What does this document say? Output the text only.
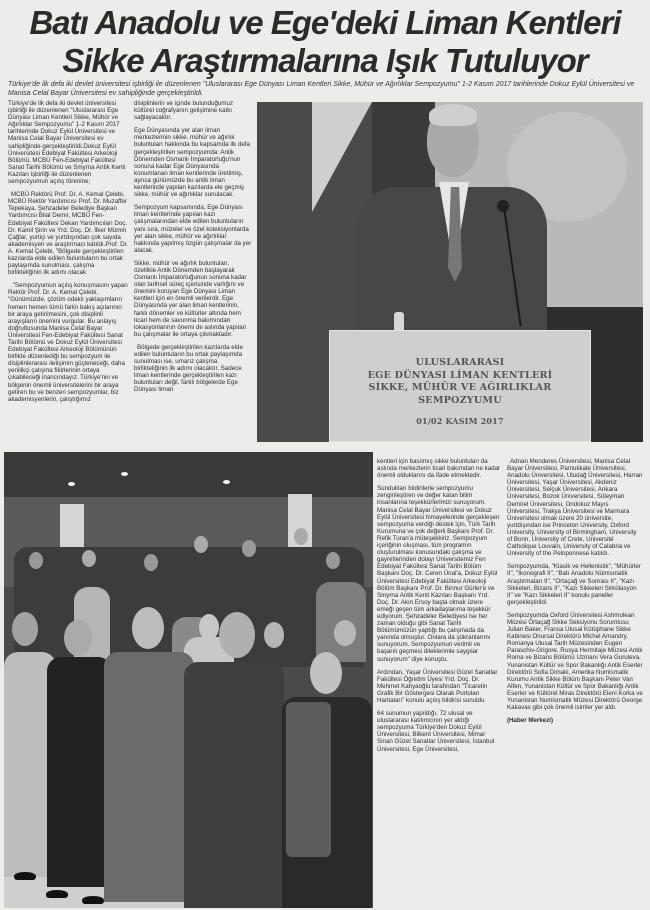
Batı Anadolu ve Ege'deki Liman Kentleri
Sikke Araştırmalarına Işık Tutuluyor
Türkiye'de ilk defa iki devlet üniversitesi işbirliği ile düzenlenen "Uluslararası Ege Dünyası Liman Kentleri Sikke, Mühür ve Ağırlıklar Sempozyumu" 1-2 Kasım 2017 tarihlerinde Dokuz Eylül Üniversitesi ve Manisa Celal Bayar Üniversitesi ev sahipliğinde gerçekleştirildi.

Türkiye'de ilk defa iki devlet üniversitesi işbirliği ile düzenlenen "Uluslararası Ege Dünyası Liman Kentleri Sikke, Mühür ve Ağırlıklar Sempozyumu" 1-2 Kasım 2017 tarihlerinde Dokuz Eylül Üniversitesi ve Manisa Celal Bayar Üniversitesi ev sahipliğinde gerçekleştirildi.Dokuz Eylül Üniversitesi Edebiyat Fakültesi Arkeoloji Bölümü, MCBÜ Fen-Edebiyat Fakültesi Sanat Tarihi Bölümü ve Smyrna Antik Kenti Kazıları işbirliği ile düzenlenen sempozyumun açılış törenine;

MCBÜ Rektörü Prof. Dr. A. Kemal Çelebi, MCBÜ Rektör Yardımcısı Prof. Dr. Muzaffer Tepekaya, Şehzadeler Belediye Başkan Yardımcısı Bilal Demir, MCBÜ Fen-Edebiyat Fakültesi Dekan Yardımcıları Doç. Dr. Kamil Şirin ve Yrd. Doç. Dr. İlker Mümin Çağlar, yurtiçi ve yurtdışından çok sayıda akademisyen ve araştırmacı katıldı.Prof. Dr. A. Kemal Çelebi, "Bölgede gerçekleştirilen kazılarda elde edilen buluntuların bu ortak paylaşımda sunulması, çalışma birlikteliğinin ilk adımı olacak

."Sempozyumun açılış konuşmasını yapan Rektör Prof. Dr. A. Kemal Çelebi, "Günümüzde, çözüm odaklı yaklaşımların hemen hemen tümü farklı bakış açılarının bir araya getirilmesini, çok disiplinli arayışların önemini vurgular. Bu anlayış doğrultusunda Manisa Celal Bayar Üniversitesi Fen-Edebiyat Fakültesi Sanat Tarihi Bölümü ve Dokuz Eylül Üniversitesi Edebiyat Fakültesi Arkeoloji Bölümünün birlikte düzenlediği bu sempozyum ile disiplinlerarası iletişimin güçleneceği, daha yenilikçi çalışma fikirlerinin ortaya çıkabileceği inancındayız. Türkiye'nin ve bölgenin önemli üniversitelerini bir araya getiren bu ve benzeri sempozyumlar, biz akademisyenlerin, çalıştığımız

disiplinlerin ve içinde bulunduğumuz kültürel coğrafyanın gelişimine katkı sağlayacaktır.

Ege Dünyasında yer alan liman merkezlerinin sikke, mühür ve ağırlık buluntuları hakkında bu kapsamda ilk defa gerçekleştirilen sempozyumda: Antik Dönemden Osmanlı İmparatorluğu'nun sonuna kadar Ege Dünyasında konumlanan liman kentlerinde üretilmiş, ayrıca günümüzde bu antik liman kentlerinde yapılan kazılarda ele geçmiş sikke, mühür ve ağırlıklar sunulacak.

Sempozyum kapsamında, Ege Dünyası liman kentlerinde yapılan kazı çalışmalarından elde edilen buluntuların yanı sıra, müzeler ve özel koleksiyonlarda yer alan sikke, mühür ve ağırlıklar hakkında yapılmış özgün çalışmalar da yer alacak.

Sikke, mühür ve ağırlık buluntuları, özellikle Antik Dönemden başlayarak Osmanlı İmparatorluğunun sonuna kadar olan tarihsel süreç içerisinde varlığını ve önemini koruyan Ege Dünyası Liman kentleri için en önemli verilerdir. Ege Dünyasında yer alan liman kentlerinin, farklı dönemler ve kültürler altında hem ticari hem de savunma bakımından lokasyonlarının önemi de aslında yapılan bu çalışmalar ile ortaya çıkmaktadır.

Bölgede gerçekleştirilen kazılarda elde edilen buluntuların bu ortak paylaşımda sunulması ise, umarız çalışma birlikteliğinin ilk adımı olacaktır. Sadece liman kentlerinde gerçekleştirilen kazı buluntuları değil, farklı bölgelerde Ege Dünyası liman

ULUSLARARASI
EGE DÜNYASI LİMAN KENTLERİ
SİKKE, MÜHÜR VE AĞIRLIKLAR
SEMPOZYUMU
01/02 KASIM 2017

kentleri için basılmış sikke buluntuları da aslında merkezlerin ticari bakımdan ne kadar önemli olduklarını da ifade etmektedir.

Sundukları bildirilerle sempozyumu zenginleştiren ve değer katan bilim insanlarına teşekkürlerimizi sunuyorum. Manisa Celal Bayar Üniversitesi ve Dokuz Eylül Üniversitesi himayelerinde gerçekleşen sempozyuma verdiği destek için, Türk Tarih Kurumuna ve çok değerli Başkanı Prof. Dr. Refik Turan'a müteşekkiriz. Sempozyum içeriğinin oluşması, tüm programın oluşturulması konusundaki çalışma ve gayretlerinden dolayı Üniversitemiz Fen Edebiyat Fakültesi Sanat Tarihi Bölüm Başkanı Doç. Dr. Ceren Ünal'a, Dokuz Eylül Üniversitesi Edebiyat Fakültesi Arkeoloji Bölüm Başkanı Prof. Dr. Binnur Gürler'e ve Smyrna Antik Kenti Kazıları Başkanı Yrd. Doç. Dr. Akın Ersoy başta olmak üzere emeği geçen tüm arkadaşlarıma teşekkür ediyorum. Şehzadeler Belediyesi ise her zaman olduğu gibi Sanat Tarihi Bölümümüzün yaptığı bu çalışmada da yanında olmuştur. Onlara da şükranlarımı sunuyorum. Sempozyumun verimli ve başarılı geçmesi dileklerimle saygılar sunuyorum" diye konuştu.

Ardından, Yaşar Üniversitesi Güzel Sanatlar Fakültesi Öğretim Üyesi Yrd. Doç. Dr. Mehmet Kahyaoğlu tarafından "Ticaretin Grafik Bir Göstergesi Olarak Portolan Haritaları" konulu açılış bildirisi sunuldu.

64 sunumun yapıldığı, 72 ulusal ve uluslararası katılımcının yer aldığı sempozyuma Türkiye'den Dokuz Eylül Üniversitesi, Bilkent Üniversitesi, Mimar Sinan Güzel Sanatlar Üniversitesi, İstanbul Üniversitesi, Ege Üniversitesi,

Adnan Menderes Üniversitesi, Manisa Celal Bayar Üniversitesi, Pamukkale Üniversitesi, Anadolu Üniversitesi, Uludağ Üniversitesi, Harran Üniversitesi, Yaşar Üniversitesi, Akdeniz Üniversitesi, Selçuk Üniversitesi, Ankara Üniversitesi, Bozok Üniversitesi, Süleyman Demirel Üniversitesi, Ondokuz Mayıs Üniversitesi, Trakya Üniversitesi ve Marmara Üniversitesi olmak üzere 20 üniversite, yurtdışından ise Princeton University, Oxford University, University of Birmingham, University of Bonn, University of Crete, Université Catholique Louvain, University of Calabria ve University of the Peloponnese katıldı.

Sempozyumda, "Klasik ve Hellenistik", "Mühürler II", "İkonografi II", "Batı Anadolu Nümismatik Araştırmaları II", "Ortaçağ ve Sonrası II", "Kazı Sikkeleri, Bizans II", "Kazı Sikkeleri Sirkülasyon II" ve "Kazı Sikkeleri II" konulu paneller gerçekleştirildi.

Sempozyumda Oxford Üniversitesi Ashmolean Müzesi Ortaçağ Sikke Seksiyonu Sorumlusu Julian Baker, Fransa Ulusal Kütüphane Sikke Kabinesi Onursal Direktörü Michel Amandry, Romanya Ulusal Tarih Müzesinden Eugen Paraschiv-Grigore, Rusya Hermitaje Müzesi Antik Roma ve Bizans Bölümü Uzmanı Vera Guruleva, Yunanistan Kültür ve Spor Bakanlığı Antik Eserler Direktörü Sofia Dimaki, Amerika Numismatik Kurumu Antik Sikke Bölüm Başkanı Peter Van Alfen, Yunanistan Kültür ve Spor Bakanlığı Antik Eserler ve Kültürel Miras Direktörü Eleni Korka ve Yunanistan Numismatik Müzesi Direktörü George Kakavas gibi çok önemli isimler yer aldı.

(Haber Merkezi)
